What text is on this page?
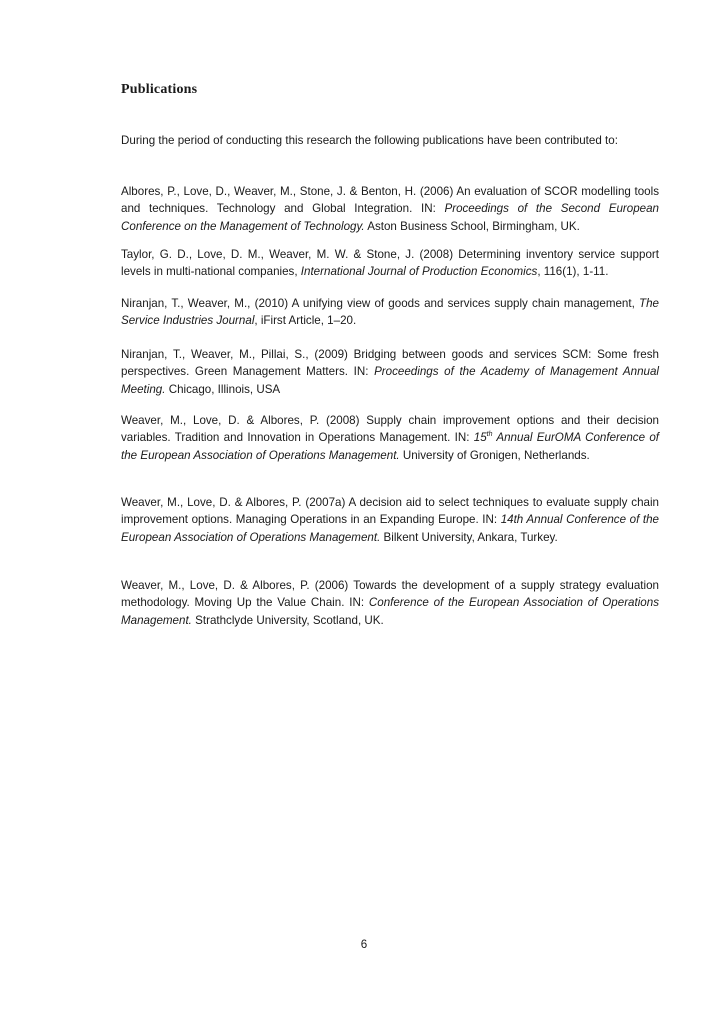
Publications

During the period of conducting this research the following publications have been contributed to:

Albores, P., Love, D., Weaver, M., Stone, J. & Benton, H. (2006) An evaluation of SCOR modelling tools and techniques. Technology and Global Integration. IN: Proceedings of the Second European Conference on the Management of Technology. Aston Business School, Birmingham, UK.

Taylor, G. D., Love, D. M., Weaver, M. W. & Stone, J. (2008) Determining inventory service support levels in multi-national companies, International Journal of Production Economics, 116(1), 1-11.

Niranjan, T., Weaver, M., (2010) A unifying view of goods and services supply chain management, The Service Industries Journal, iFirst Article, 1–20.

Niranjan, T., Weaver, M., Pillai, S., (2009) Bridging between goods and services SCM: Some fresh perspectives. Green Management Matters. IN: Proceedings of the Academy of Management Annual Meeting. Chicago, Illinois, USA

Weaver, M., Love, D. & Albores, P. (2008) Supply chain improvement options and their decision variables. Tradition and Innovation in Operations Management. IN: 15th Annual EurOMA Conference of the European Association of Operations Management. University of Gronigen, Netherlands.

Weaver, M., Love, D. & Albores, P. (2007a) A decision aid to select techniques to evaluate supply chain improvement options. Managing Operations in an Expanding Europe. IN: 14th Annual Conference of the European Association of Operations Management. Bilkent University, Ankara, Turkey.

Weaver, M., Love, D. & Albores, P. (2006) Towards the development of a supply strategy evaluation methodology. Moving Up the Value Chain. IN: Conference of the European Association of Operations Management. Strathclyde University, Scotland, UK.

6
